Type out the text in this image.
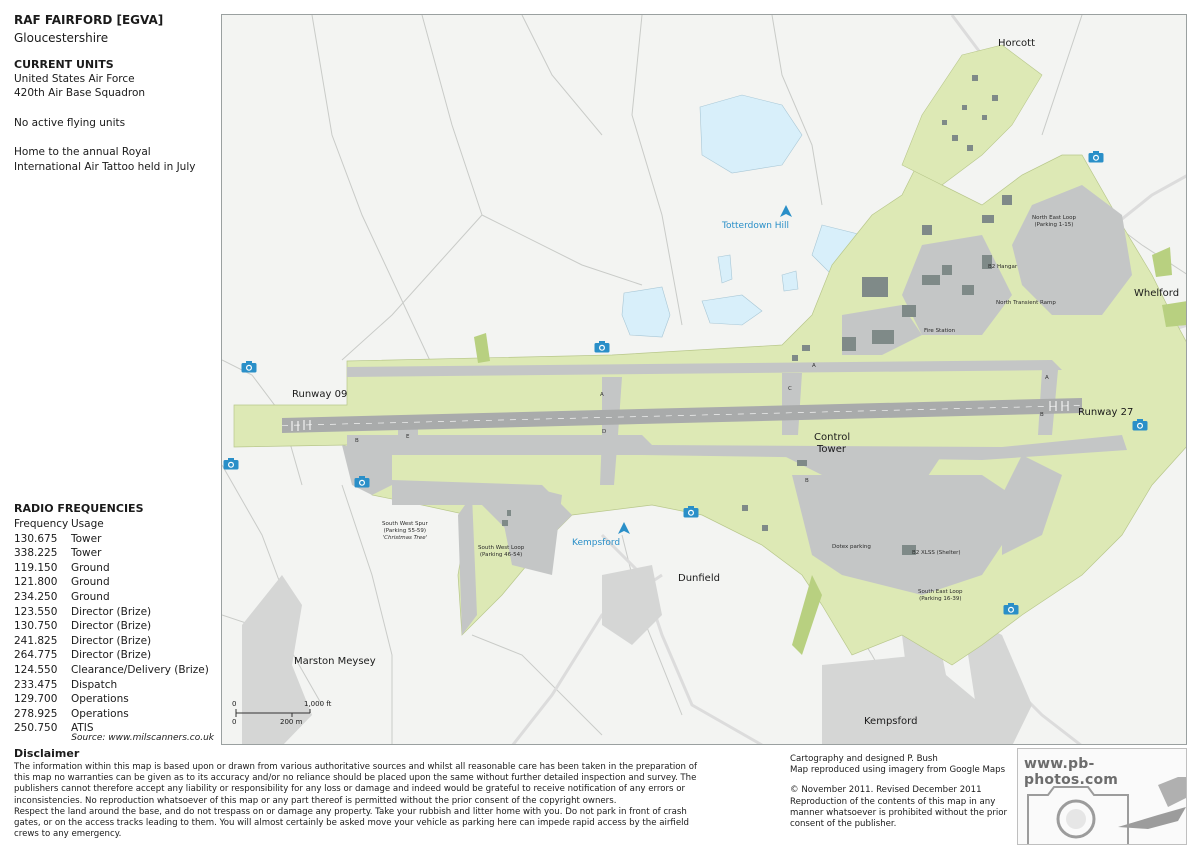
RAF FAIRFORD [EGVA]
Gloucestershire
CURRENT UNITS
United States Air Force
420th Air Base Squadron
No active flying units
Home to the annual Royal International Air Tattoo held in July
RADIO FREQUENCIES
Frequency Usage
130.675	Tower
338.225	Tower
119.150	Ground
121.800	Ground
234.250	Ground
123.550	Director (Brize)
130.750	Director (Brize)
241.825	Director (Brize)
264.775	Director (Brize)
124.550	Clearance/Delivery (Brize)
233.475	Dispatch
129.700	Operations
278.925	Operations
250.750	ATIS
Source: www.milscanners.co.uk
Horcott
Whelford
Dunfield
Marston Meysey
Kempsford
Kempsford
Totterdown Hill
Runway 09
Runway 27
Control
Tower
North East Loop
(Parking 1-15)
B2 Hangar
North Transient Ramp
Fire Station
South West Spur
(Parking 55-59)
'Christmas Tree'
South West Loop
(Parking 46-54)
Dotex parking
B2 XLSS (Shelter)
South East Loop
(Parking 16-39)
A
A
A
B
B
B
C
D
E
0
0
1,000 ft
200 m
Disclaimer
The information within this map is based upon or drawn from various authoritative sources and whilst all reasonable care has been taken in the preparation of this map no warranties can be given as to its accuracy and/or no reliance should be placed upon the same without further detailed inspection and survey. The publishers cannot therefore accept any liability or responsibility for any loss or damage and indeed would be grateful to receive notification of any errors or inconsistencies. No reproduction whatsoever of this map or any part thereof is permitted without the prior consent of the copyright owners.
Respect the land around the base, and do not trespass on or damage any property. Take your rubbish and litter home with you. Do not park in front of crash gates, or on the access tracks leading to them. You will almost certainly be asked move your vehicle as parking here can impede rapid access by the airfield crews to any emergency.
Cartography and designed P. Bush
Map reproduced using imagery from Google Maps
© November 2011. Revised December 2011
Reproduction of the contents of this map in any manner whatsoever is prohibited without the prior consent of the publisher.
www.pb-photos.com
